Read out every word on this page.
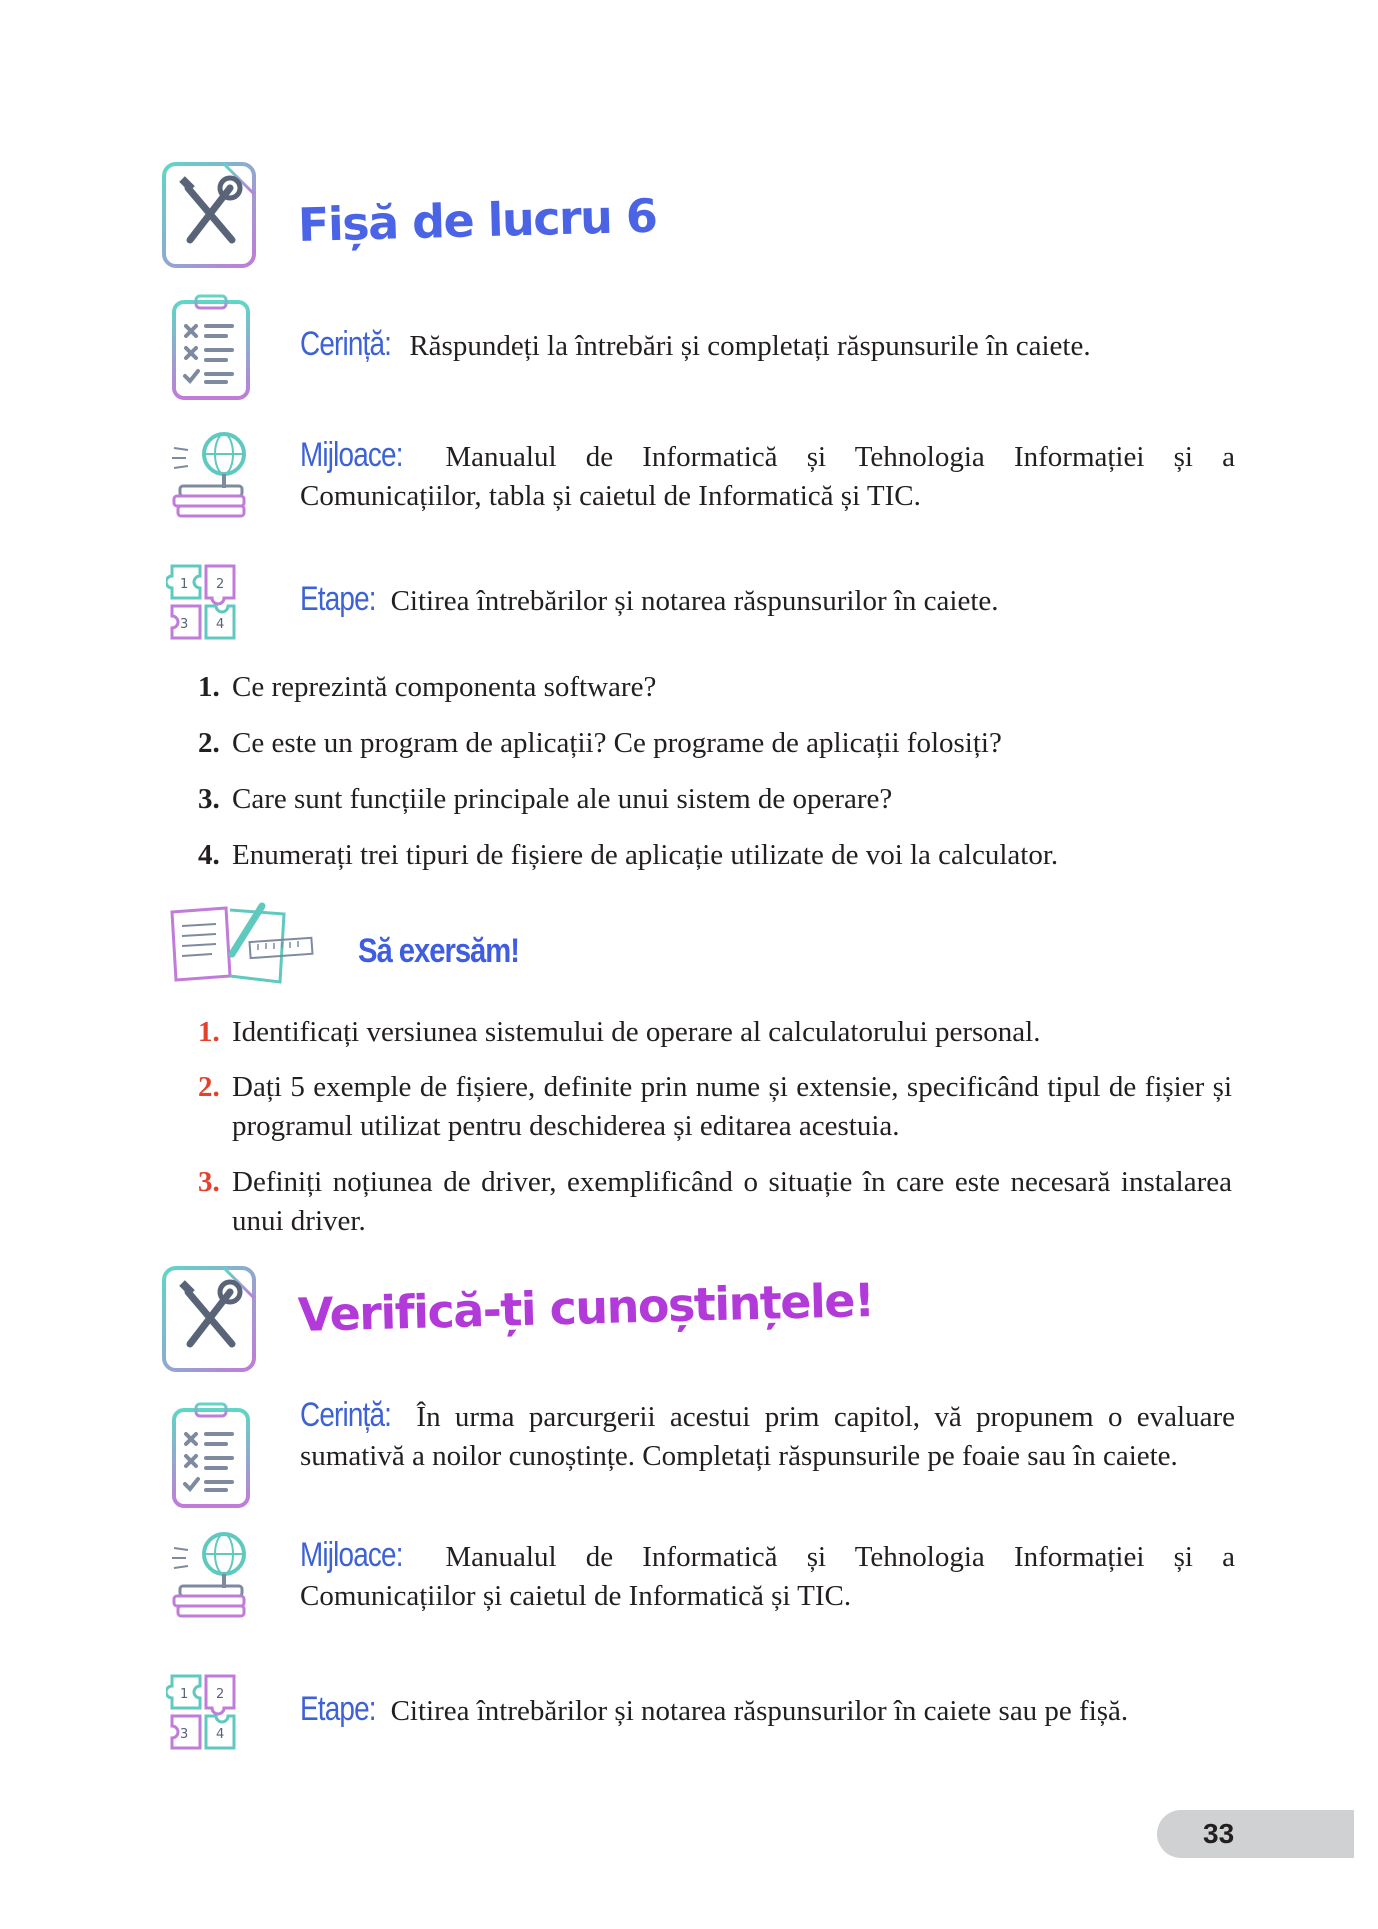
Fișă de lucru 6
Cerință: Răspundeți la întrebări și completați răspunsurile în caiete.
Mijloace: Manualul de Informatică și Tehnologia Informației și a Comunicațiilor, tabla și caietul de Informatică și TIC.
1 2
3 4
Etape: Citirea întrebărilor și notarea răspunsurilor în caiete.
1. Ce reprezintă componenta software?
2. Ce este un program de aplicații? Ce programe de aplicații folosiți?
3. Care sunt funcțiile principale ale unui sistem de operare?
4. Enumerați trei tipuri de fișiere de aplicație utilizate de voi la calculator.
Să exersăm!
1. Identificați versiunea sistemului de operare al calculatorului personal.
2. Dați 5 exemple de fișiere, definite prin nume și extensie, specificând tipul de fișier și programul utilizat pentru deschiderea și editarea acestuia.
3. Definiți noțiunea de driver, exemplificând o situație în care este necesară instalarea unui driver.
Verifică-ți cunoștințele!
Cerință: În urma parcurgerii acestui prim capitol, vă propunem o evaluare sumativă a noilor cunoștințe. Completați răspunsurile pe foaie sau în caiete.
Mijloace: Manualul de Informatică și Tehnologia Informației și a Comunicațiilor și caietul de Informatică și TIC.
1 2
3 4
Etape: Citirea întrebărilor și notarea răspunsurilor în caiete sau pe fișă.
33
